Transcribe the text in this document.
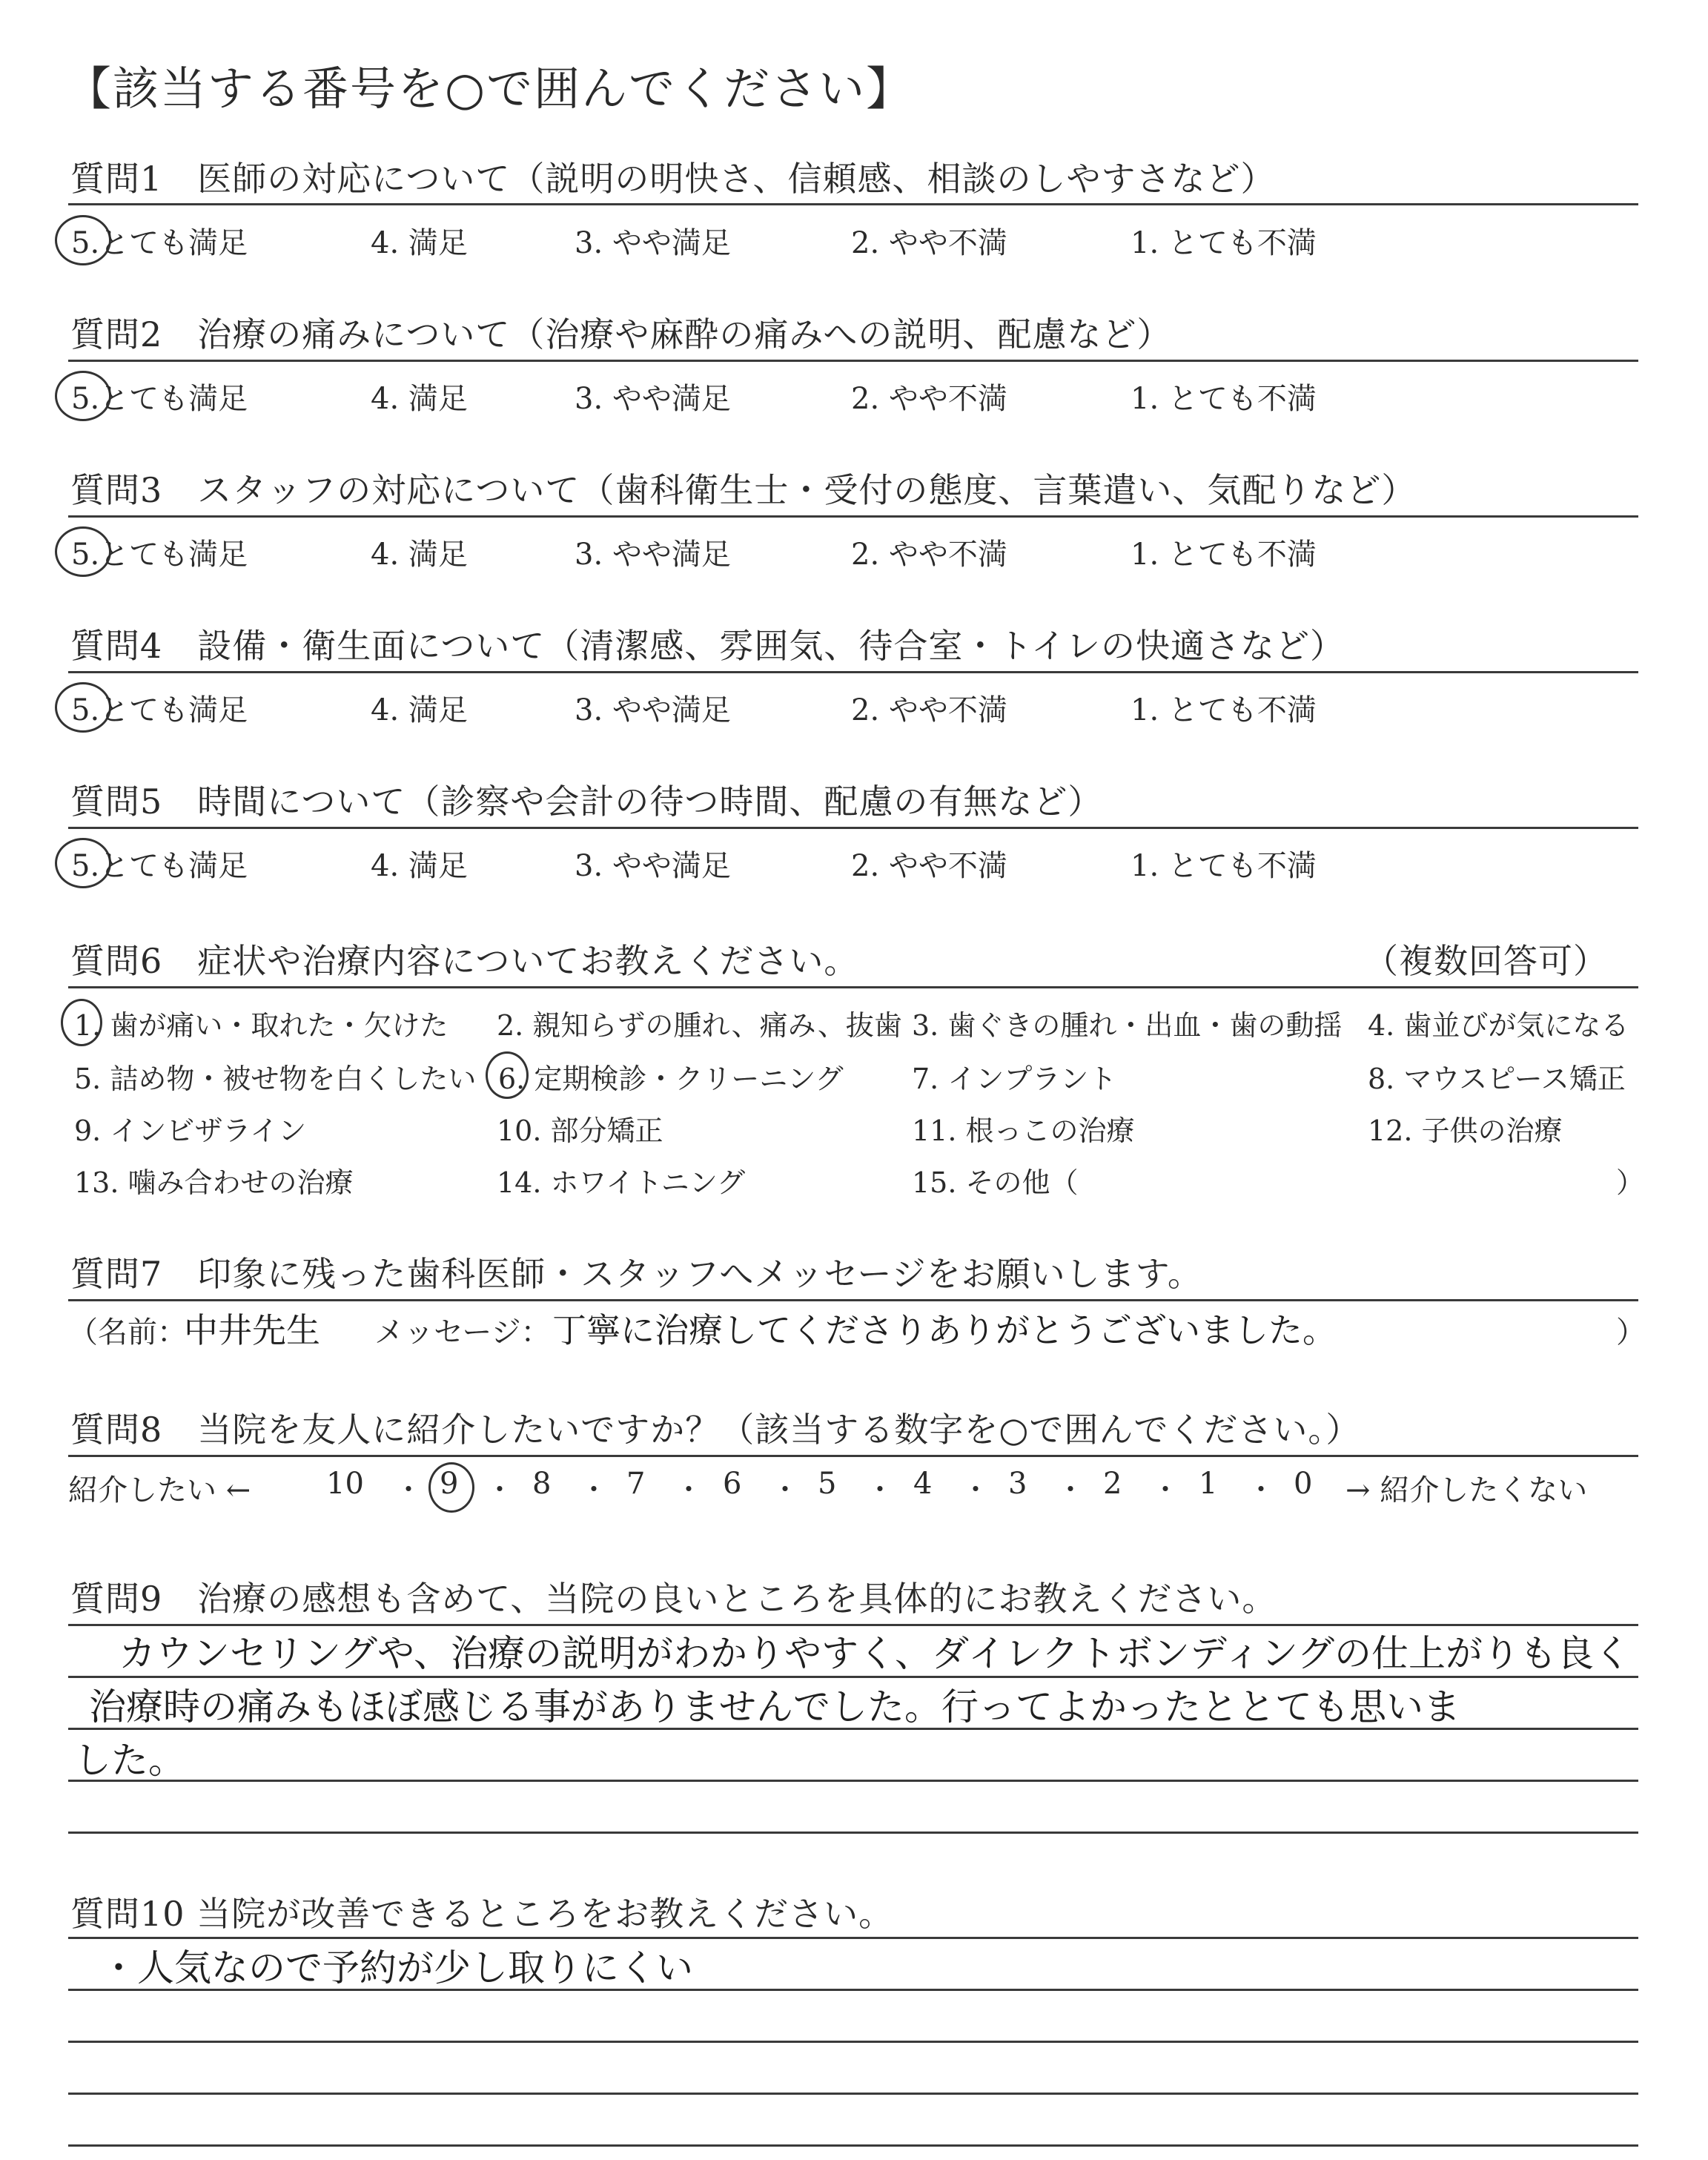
【該当する番号を○で囲んでください】
質問1　医師の対応について（説明の明快さ、信頼感、相談のしやすさなど）
5.とても満足	4. 満足	3. やや満足	2. やや不満	1. とても不満
質問2　治療の痛みについて（治療や麻酔の痛みへの説明、配慮など）
5.とても満足	4. 満足	3. やや満足	2. やや不満	1. とても不満
質問3　スタッフの対応について（歯科衛生士・受付の態度、言葉遣い、気配りなど）
5.とても満足	4. 満足	3. やや満足	2. やや不満	1. とても不満
質問4　設備・衛生面について（清潔感、雰囲気、待合室・トイレの快適さなど）
5.とても満足	4. 満足	3. やや満足	2. やや不満	1. とても不満
質問5　時間について（診察や会計の待つ時間、配慮の有無など）
5.とても満足	4. 満足	3. やや満足	2. やや不満	1. とても不満
質問6　症状や治療内容についてお教えください。	（複数回答可）
1. 歯が痛い・取れた・欠けた 2. 親知らずの腫れ、痛み、抜歯 3. 歯ぐきの腫れ・出血・歯の動揺 4. 歯並びが気になる
5. 詰め物・被せ物を白くしたい 6. 定期検診・クリーニング 7. インプラント	8. マウスピース矯正
9. インビザライン	10. 部分矯正	11. 根っこの治療	12. 子供の治療
13. 噛み合わせの治療	14. ホワイトニング	15. その他（	）
質問7　印象に残った歯科医師・スタッフへメッセージをお願いします。
（名前：
中井先生 メッセージ： 丁寧に治療してくださりありがとうございました。	）
質問8　当院を友人に紹介したいですか？（該当する数字を○で囲んでください。）
紹介したい ←	10 ・ 9 ・ 8 ・ 7 ・ 6 ・ 5 ・ 4 ・ 3 ・ 2 ・ 1 ・ 0 → 紹介したくない
質問9　治療の感想も含めて、当院の良いところを具体的にお教えください。
カウンセリングや、治療の説明がわかりやすく、ダイレクトボンディングの仕上がりも良く
治療時の痛みもほぼ感じる事がありませんでした。行ってよかったととても思いま
した。
質問10 当院が改善できるところをお教えください。
・人気なので予約が少し取りにくい
